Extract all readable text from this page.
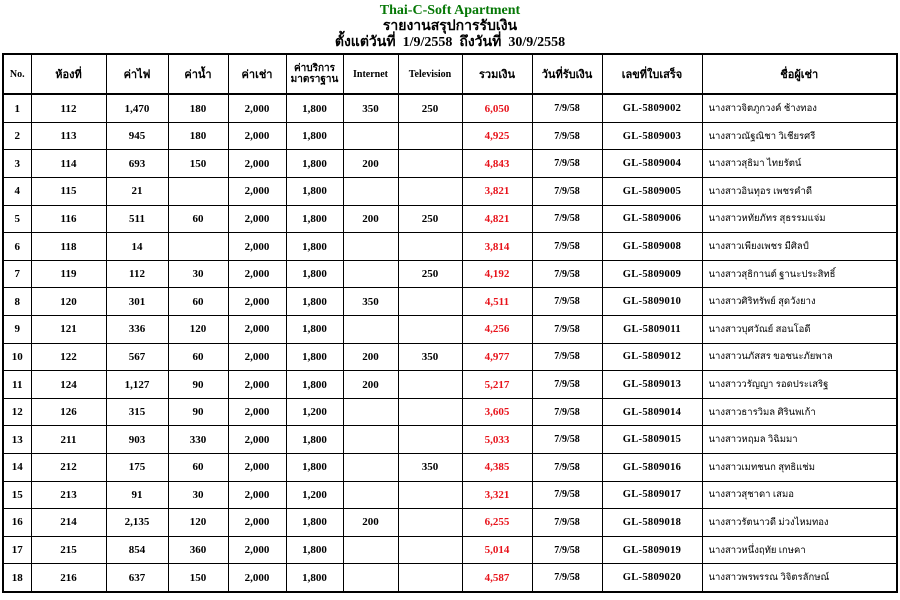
Thai-C-Soft Apartment
รายงานสรุปการรับเงิน
ตั้งแต่วันที่  1/9/2558  ถึงวันที่  30/9/2558
No.	ห้องที่	ค่าไฟ	ค่าน้ำ	ค่าเช่า	ค่าบริการ
มาตราฐาน	Internet	Television	รวมเงิน	วันที่รับเงิน	เลขที่ใบเสร็จ	ชื่อผู้เช่า
1	112	1,470	180	2,000	1,800	350	250	6,050	7/9/58	GL-5809002	นางสาวจิตภูกวงค์ ช้างทอง
2	113	945	180	2,000	1,800			4,925	7/9/58	GL-5809003	นางสาวณัฐณิชา วิเชียรศรี
3	114	693	150	2,000	1,800	200		4,843	7/9/58	GL-5809004	นางสาวสุธิมา ไทยรัตน์
4	115	21		2,000	1,800			3,821	7/9/58	GL-5809005	นางสาวอินทุอร เพชรคำดี
5	116	511	60	2,000	1,800	200	250	4,821	7/9/58	GL-5809006	นางสาวหทัยภัทร สุธรรมแจ่ม
6	118	14		2,000	1,800			3,814	7/9/58	GL-5809008	นางสาวเพียงเพชร มีศิลป์
7	119	112	30	2,000	1,800		250	4,192	7/9/58	GL-5809009	นางสาวสุธิกานต์ ฐานะประสิทธิ์
8	120	301	60	2,000	1,800	350		4,511	7/9/58	GL-5809010	นางสาวศิริทรัพย์ สุดวังยาง
9	121	336	120	2,000	1,800			4,256	7/9/58	GL-5809011	นางสาวบุศวัณย์ สอนโอดี
10	122	567	60	2,000	1,800	200	350	4,977	7/9/58	GL-5809012	นางสาวนภัสสร ขอชนะภัยพาล
11	124	1,127	90	2,000	1,800	200		5,217	7/9/58	GL-5809013	นางสาววรัญญา รอดประเสริฐ
12	126	315	90	2,000	1,200			3,605	7/9/58	GL-5809014	นางสาวธารวิมล ศิรินพเก้า
13	211	903	330	2,000	1,800			5,033	7/9/58	GL-5809015	นางสาวหฤมล วิฉิมมา
14	212	175	60	2,000	1,800		350	4,385	7/9/58	GL-5809016	นางสาวเมทชนก สุทธิแช่ม
15	213	91	30	2,000	1,200			3,321	7/9/58	GL-5809017	นางสาวสุชาดา เสมอ
16	214	2,135	120	2,000	1,800	200		6,255	7/9/58	GL-5809018	นางสาวรัตนาวดี ม่วงไหมทอง
17	215	854	360	2,000	1,800			5,014	7/9/58	GL-5809019	นางสาวหนึ่งฤทัย เกษคา
18	216	637	150	2,000	1,800			4,587	7/9/58	GL-5809020	นางสาวพรพรรณ วิจิตรลักษณ์
